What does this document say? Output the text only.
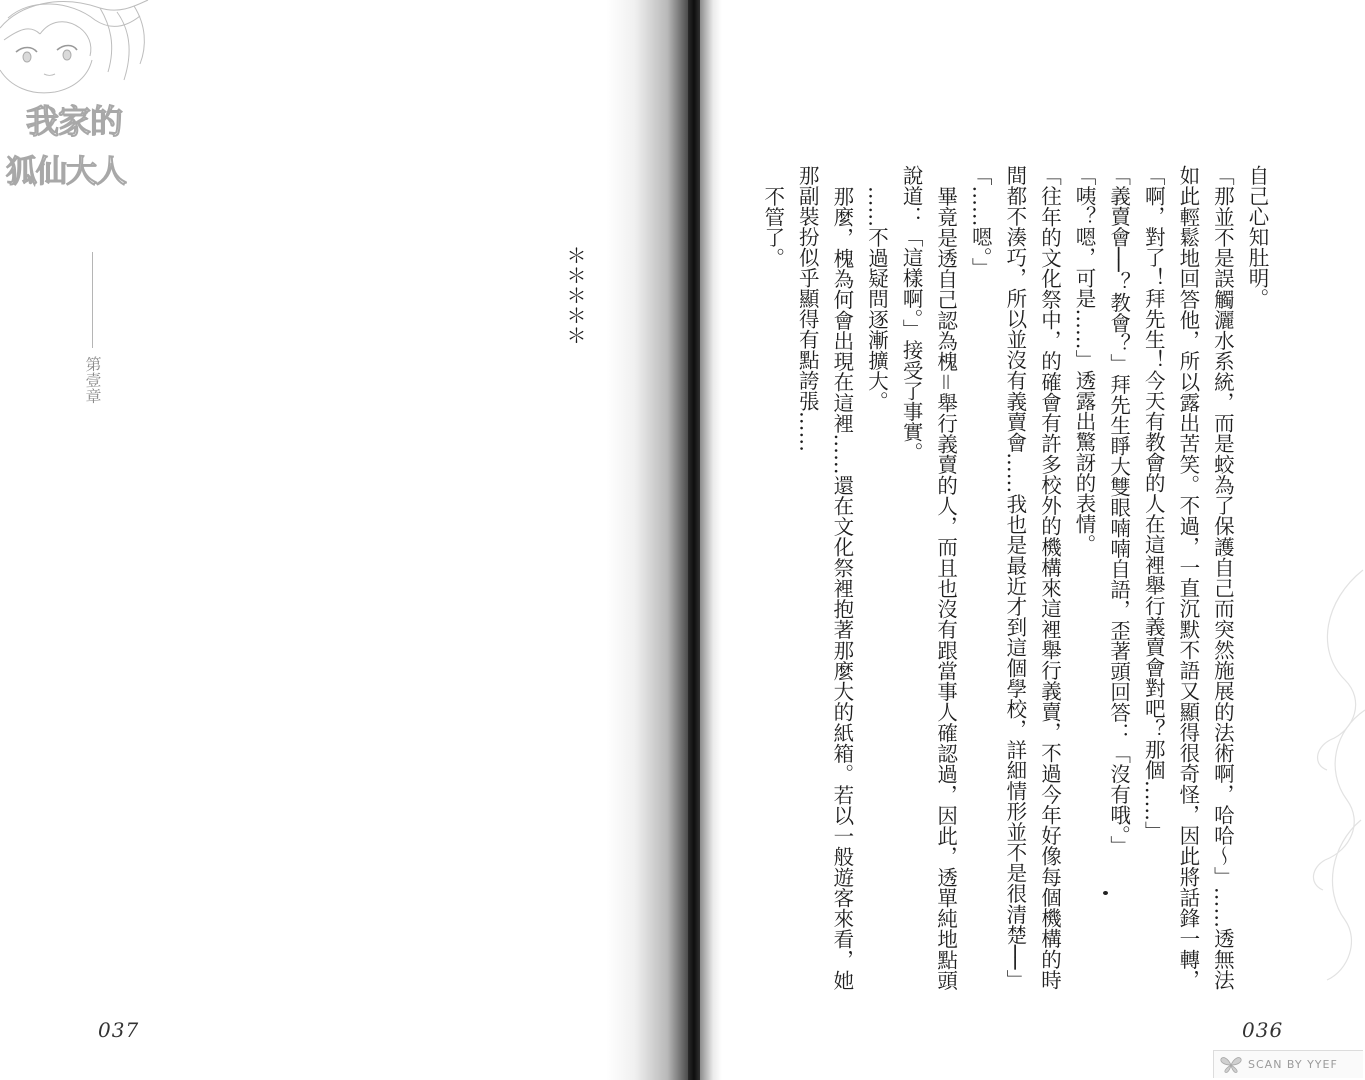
我家的
狐仙大人
第壹章
＊＊＊＊＊
037
自己心知肚明。
「那並不是誤觸灑水系統，而是蛟為了保護自己而突然施展的法術啊，哈哈～」……透無法
如此輕鬆地回答他，所以露出苦笑。不過，一直沉默不語又顯得很奇怪，因此將話鋒一轉，
「啊，對了！拜先生！今天有教會的人在這裡舉行義賣會對吧？那個……」
「義賣會──？教會？」拜先生睜大雙眼喃喃自語，歪著頭回答：「沒有哦。」
「咦？嗯，可是……」透露出驚訝的表情。
「往年的文化祭中，的確會有許多校外的機構來這裡舉行義賣，不過今年好像每個機構的時
間都不湊巧，所以並沒有義賣會……我也是最近才到這個學校，詳細情形並不是很清楚──」
「……嗯。」
畢竟是透自己認為槐＝舉行義賣的人，而且也沒有跟當事人確認過，因此，透單純地點頭
說道：「這樣啊。」接受了事實。
……不過疑問逐漸擴大。
那麼，槐為何會出現在這裡……還在文化祭裡抱著那麼大的紙箱。若以一般遊客來看，她
那副裝扮似乎顯得有點誇張……
不管了。
036
SCAN BY YYEF
